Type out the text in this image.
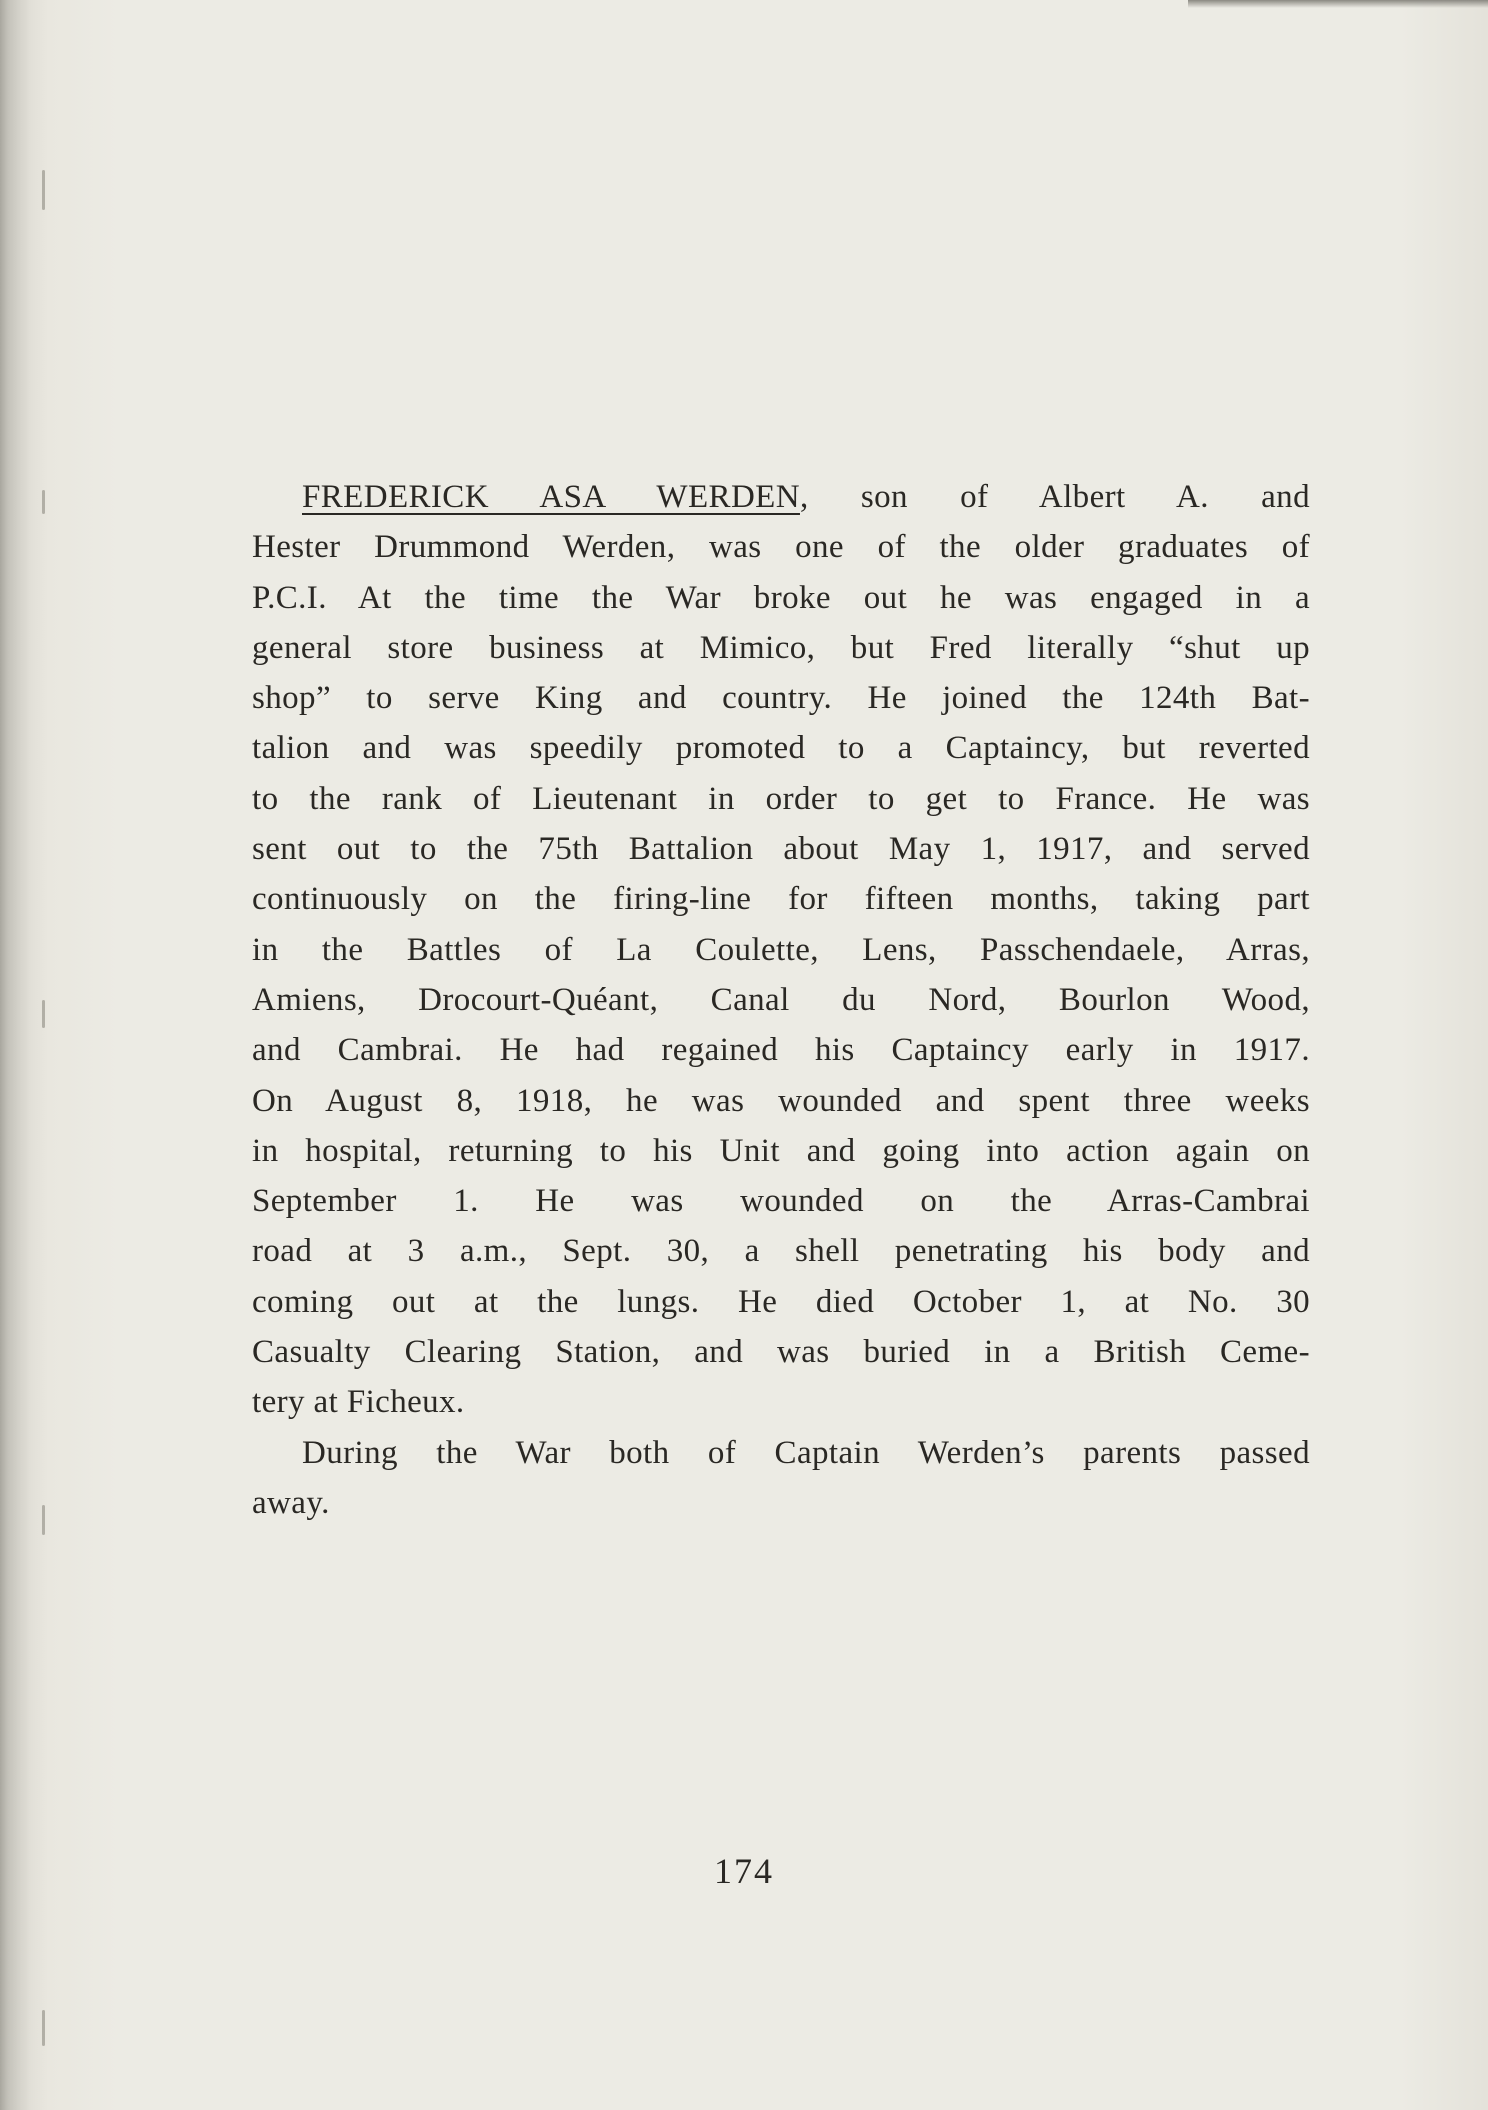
FREDERICK ASA WERDEN, son of Albert A. and
Hester Drummond Werden, was one of the older graduates of
P.C.I. At the time the War broke out he was engaged in a
general store business at Mimico, but Fred literally “shut up
shop” to serve King and country. He joined the 124th Bat-
talion and was speedily promoted to a Captaincy, but reverted
to the rank of Lieutenant in order to get to France. He was
sent out to the 75th Battalion about May 1, 1917, and served
continuously on the firing-line for fifteen months, taking part
in the Battles of La Coulette, Lens, Passchendaele, Arras,
Amiens, Drocourt-Quéant, Canal du Nord, Bourlon Wood,
and Cambrai. He had regained his Captaincy early in 1917.
On August 8, 1918, he was wounded and spent three weeks
in hospital, returning to his Unit and going into action again on
September 1. He was wounded on the Arras-Cambrai
road at 3 a.m., Sept. 30, a shell penetrating his body and
coming out at the lungs. He died October 1, at No. 30
Casualty Clearing Station, and was buried in a British Ceme-
tery at Ficheux.
During the War both of Captain Werden’s parents passed
away.
174
